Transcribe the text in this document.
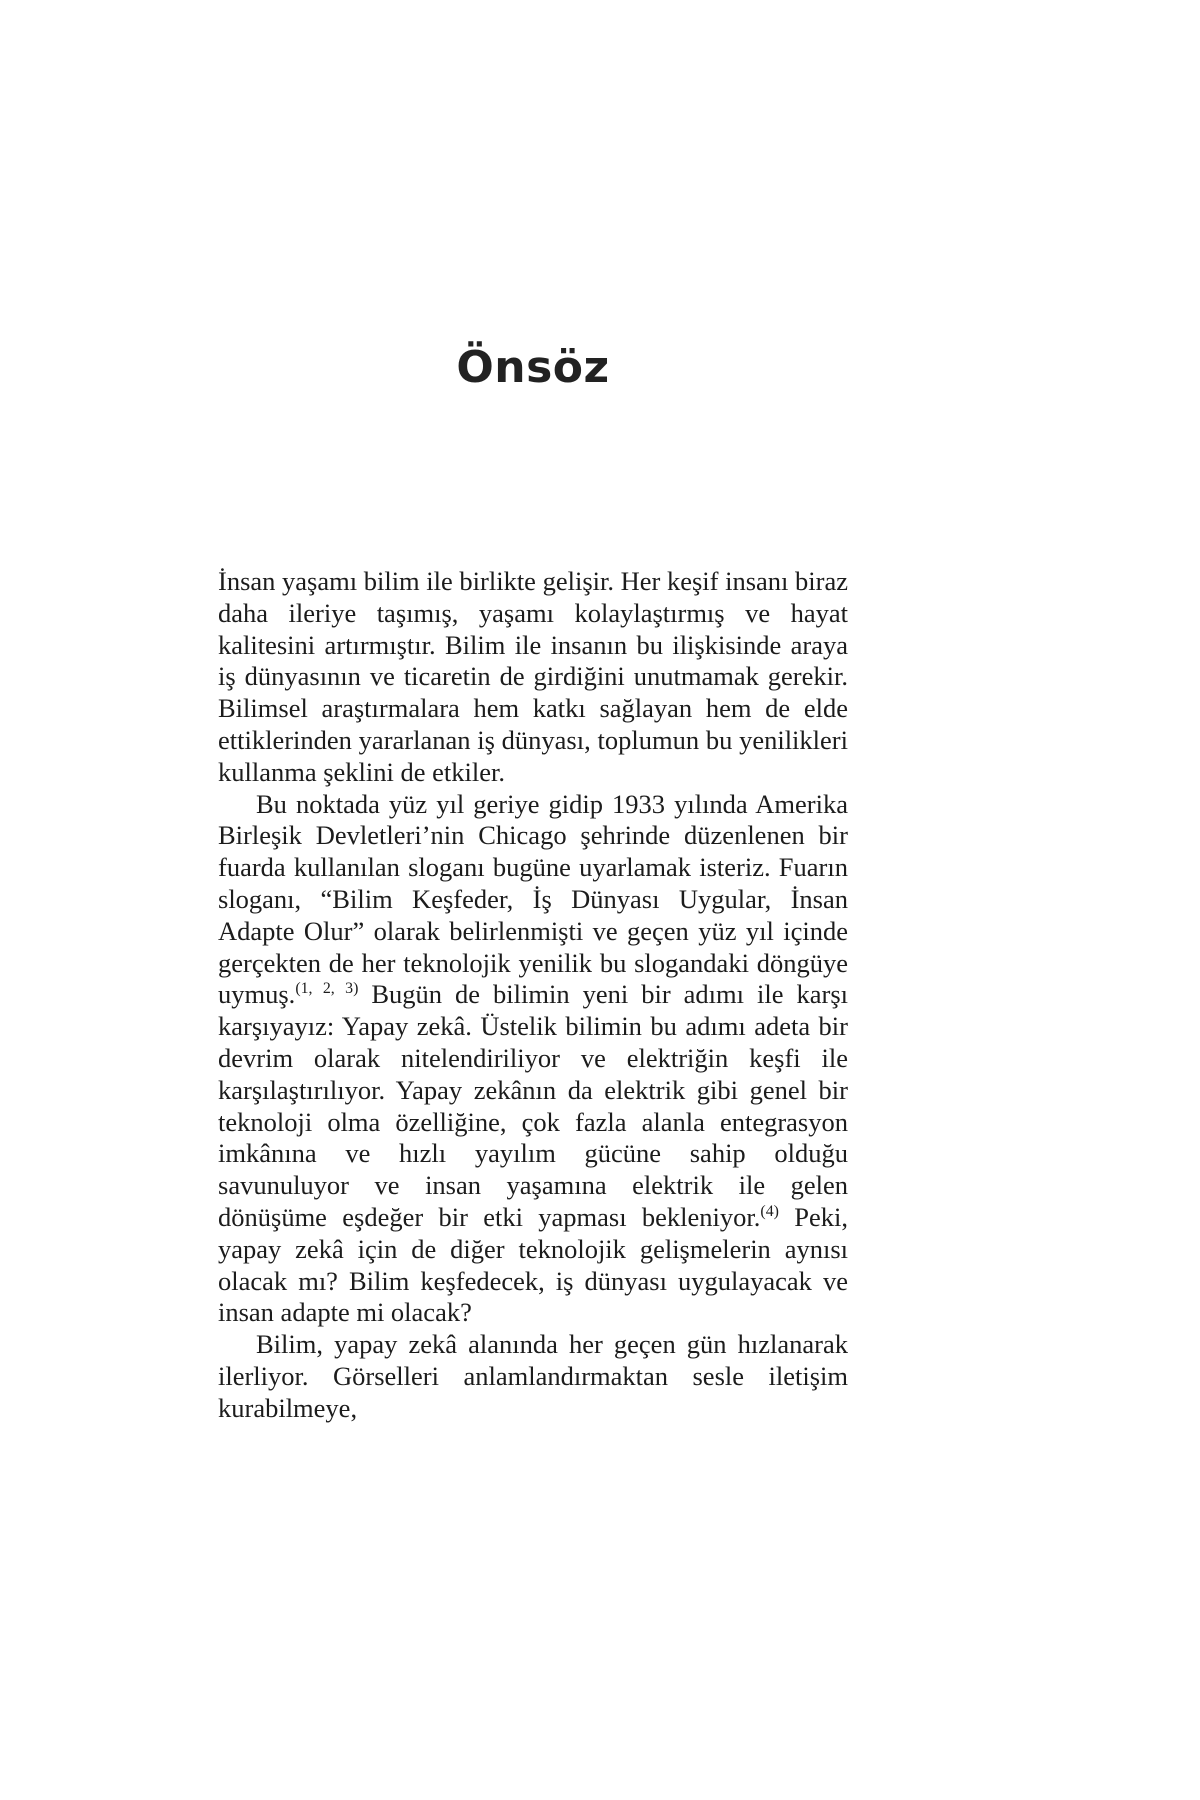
Önsöz

İnsan yaşamı bilim ile birlikte gelişir. Her keşif insanı biraz daha ileriye taşımış, yaşamı kolaylaştırmış ve hayat kalitesini artırmıştır. Bilim ile insanın bu ilişkisinde araya iş dünyasının ve ticaretin de girdiğini unutmamak gerekir. Bilimsel araştırmalara hem katkı sağlayan hem de elde ettiklerinden yararlanan iş dünyası, toplumun bu yenilikleri kullanma şeklini de etkiler.

Bu noktada yüz yıl geriye gidip 1933 yılında Amerika Birleşik Devletleri’nin Chicago şehrinde düzenlenen bir fuarda kullanılan sloganı bugüne uyarlamak isteriz. Fuarın sloganı, “Bilim Keşfeder, İş Dünyası Uygular, İnsan Adapte Olur” olarak belirlenmişti ve geçen yüz yıl içinde gerçekten de her teknolojik yenilik bu slogandaki döngüye uymuş.$^{(1, 2, 3)}$ Bugün de bilimin yeni bir adımı ile karşı karşıyayız: Yapay zekâ. Üstelik bilimin bu adımı adeta bir devrim olarak nitelendiriliyor ve elektriğin keşfi ile karşılaştırılıyor. Yapay zekânın da elektrik gibi genel bir teknoloji olma özelliğine, çok fazla alanla entegrasyon imkânına ve hızlı yayılım gücüne sahip olduğu savunuluyor ve insan yaşamına elektrik ile gelen dönüşüme eşdeğer bir etki yapması bekleniyor.$^{(4)}$ Peki, yapay zekâ için de diğer teknolojik gelişmelerin aynısı olacak mı? Bilim keşfedecek, iş dünyası uygulayacak ve insan adapte mi olacak?

Bilim, yapay zekâ alanında her geçen gün hızlanarak ilerliyor. Görselleri anlamlandırmaktan sesle iletişim kurabilmeye,
